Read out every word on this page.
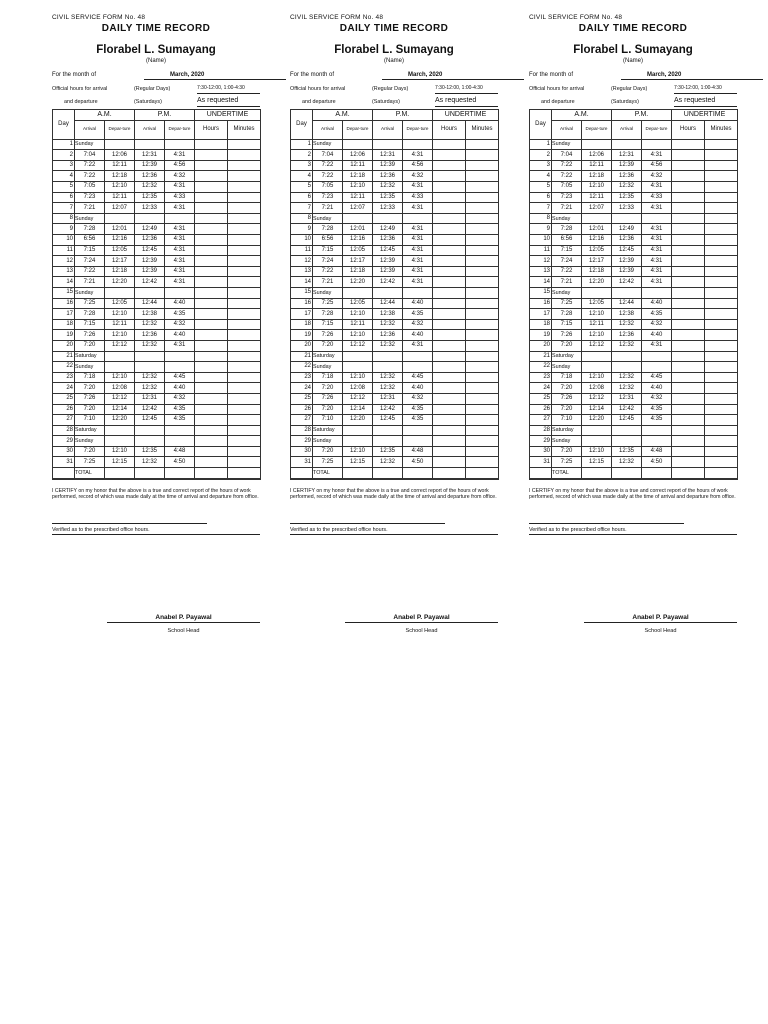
CIVIL SERVICE FORM No. 48
DAILY TIME RECORD
Florabel L. Sumayang
(Name)
For the month of	March, 2020
Official hours for arrival	(Regular Days)	7:30-12:00, 1:00-4:30
and departure	(Saturdays)	As requested
Day	A.M.		P.M.		UNDERTIME	
	Arrival	Depar-ture	Arrival	Depar-ture	Hours	Minutes
1	Sunday					
2	7:04	12:06	12:31	4:31		
3	7:22	12:11	12:39	4:56		
4	7:22	12:18	12:36	4:32		
5	7:05	12:10	12:32	4:31		
6	7:23	12:11	12:35	4:33		
7	7:21	12:07	12:33	4:31		
8	Sunday					
9	7:28	12:01	12:49	4:31		
10	6:56	12:16	12:36	4:31		
11	7:15	12:05	12:45	4:31		
12	7:24	12:17	12:39	4:31		
13	7:22	12:18	12:39	4:31		
14	7:21	12:20	12:42	4:31		
15	Sunday					
16	7:25	12:05	12:44	4:40		
17	7:28	12:10	12:38	4:35		
18	7:15	12:11	12:32	4:32		
19	7:26	12:10	12:36	4:40		
20	7:20	12:12	12:32	4:31		
21	Saturday					
22	Sunday					
23	7:18	12:10	12:32	4:45		
24	7:20	12:08	12:32	4:40		
25	7:26	12:12	12:31	4:32		
26	7:20	12:14	12:42	4:35		
27	7:10	12:20	12:45	4:35		
28	Saturday					
29	Sunday					
30	7:20	12:10	12:35	4:48		
31	7:25	12:15	12:32	4:50		
	TOTAL					
I CERTIFY on my honor that the above is a true and correct report of the hours of work performed, record of which was made daily at the time of arrival and departure from office.
Verified as to the prescribed office hours.
Anabel P. Payawal
School Head
CIVIL SERVICE FORM No. 48
DAILY TIME RECORD
Florabel L. Sumayang
(Name)
For the month of	March, 2020
Official hours for arrival	(Regular Days)	7:30-12:00, 1:00-4:30
and departure	(Saturdays)	As requested
Day	A.M.		P.M.		UNDERTIME	
	Arrival	Depar-ture	Arrival	Depar-ture	Hours	Minutes
1	Sunday					
2	7:04	12:06	12:31	4:31		
3	7:22	12:11	12:39	4:56		
4	7:22	12:18	12:36	4:32		
5	7:05	12:10	12:32	4:31		
6	7:23	12:11	12:35	4:33		
7	7:21	12:07	12:33	4:31		
8	Sunday					
9	7:28	12:01	12:49	4:31		
10	6:56	12:16	12:36	4:31		
11	7:15	12:05	12:45	4:31		
12	7:24	12:17	12:39	4:31		
13	7:22	12:18	12:39	4:31		
14	7:21	12:20	12:42	4:31		
15	Sunday					
16	7:25	12:05	12:44	4:40		
17	7:28	12:10	12:38	4:35		
18	7:15	12:11	12:32	4:32		
19	7:26	12:10	12:36	4:40		
20	7:20	12:12	12:32	4:31		
21	Saturday					
22	Sunday					
23	7:18	12:10	12:32	4:45		
24	7:20	12:08	12:32	4:40		
25	7:26	12:12	12:31	4:32		
26	7:20	12:14	12:42	4:35		
27	7:10	12:20	12:45	4:35		
28	Saturday					
29	Sunday					
30	7:20	12:10	12:35	4:48		
31	7:25	12:15	12:32	4:50		
	TOTAL					
I CERTIFY on my honor that the above is a true and correct report of the hours of work performed, record of which was made daily at the time of arrival and departure from office.
Verified as to the prescribed office hours.
Anabel P. Payawal
School Head
CIVIL SERVICE FORM No. 48
DAILY TIME RECORD
Florabel L. Sumayang
(Name)
For the month of	March, 2020
Official hours for arrival	(Regular Days)	7:30-12:00, 1:00-4:30
and departure	(Saturdays)	As requested
Day	A.M.		P.M.		UNDERTIME	
	Arrival	Depar-ture	Arrival	Depar-ture	Hours	Minutes
1	Sunday					
2	7:04	12:06	12:31	4:31		
3	7:22	12:11	12:39	4:56		
4	7:22	12:18	12:36	4:32		
5	7:05	12:10	12:32	4:31		
6	7:23	12:11	12:35	4:33		
7	7:21	12:07	12:33	4:31		
8	Sunday					
9	7:28	12:01	12:49	4:31		
10	6:56	12:16	12:36	4:31		
11	7:15	12:05	12:45	4:31		
12	7:24	12:17	12:39	4:31		
13	7:22	12:18	12:39	4:31		
14	7:21	12:20	12:42	4:31		
15	Sunday					
16	7:25	12:05	12:44	4:40		
17	7:28	12:10	12:38	4:35		
18	7:15	12:11	12:32	4:32		
19	7:26	12:10	12:36	4:40		
20	7:20	12:12	12:32	4:31		
21	Saturday					
22	Sunday					
23	7:18	12:10	12:32	4:45		
24	7:20	12:08	12:32	4:40		
25	7:26	12:12	12:31	4:32		
26	7:20	12:14	12:42	4:35		
27	7:10	12:20	12:45	4:35		
28	Saturday					
29	Sunday					
30	7:20	12:10	12:35	4:48		
31	7:25	12:15	12:32	4:50		
	TOTAL					
I CERTIFY on my honor that the above is a true and correct report of the hours of work performed, record of which was made daily at the time of arrival and departure from office.
Verified as to the prescribed office hours.
Anabel P. Payawal
School Head
